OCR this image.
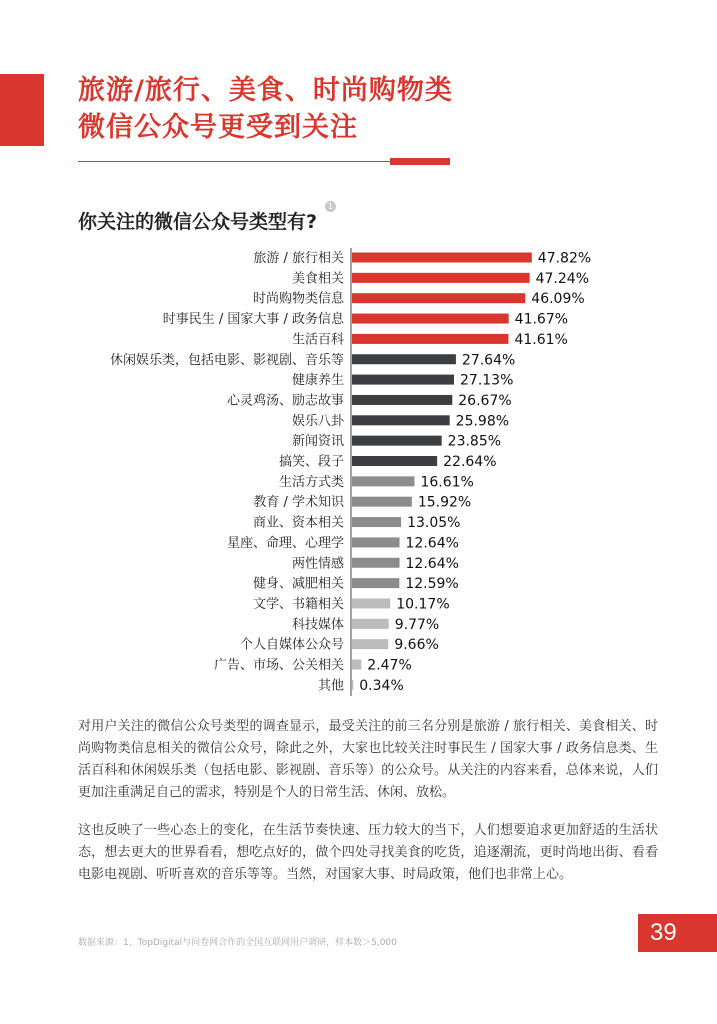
旅游/旅行、美食、时尚购物类
微信公众号更受到关注
你关注的微信公众号类型有?
1
旅游 / 旅行相关	47.82%
美食相关	47.24%
时尚购物类信息	46.09%
时事民生 / 国家大事 / 政务信息	41.67%
生活百科	41.61%
休闲娱乐类，包括电影、影视剧、音乐等	27.64%
健康养生	27.13%
心灵鸡汤、励志故事	26.67%
娱乐八卦	25.98%
新闻资讯	23.85%
搞笑、段子	22.64%
生活方式类	16.61%
教育 / 学术知识	15.92%
商业、资本相关	13.05%
星座、命理、心理学	12.64%
两性情感	12.64%
健身、减肥相关	12.59%
文学、书籍相关	10.17%
科技媒体	9.77%
个人自媒体公众号	9.66%
广告、市场、公关相关 2.47%
其他 0.34%

对用户关注的微信公众号类型的调查显示，最受关注的前三名分别是旅游 / 旅行相关、美食相关、时尚购物类信息相关的微信公众号，除此之外，大家也比较关注时事民生 / 国家大事 / 政务信息类、生活百科和休闲娱乐类（包括电影、影视剧、音乐等）的公众号。从关注的内容来看，总体来说，人们更加注重满足自己的需求，特别是个人的日常生活、休闲、放松。

这也反映了一些心态上的变化，在生活节奏快速、压力较大的当下，人们想要追求更加舒适的生活状态，想去更大的世界看看，想吃点好的，做个四处寻找美食的吃货，追逐潮流，更时尚地出街、看看电影电视剧、听听喜欢的音乐等等。当然，对国家大事、时局政策，他们也非常上心。

数据来源：1、TopDigital与问卷网合作的全国互联网用户调研，样本数＞5,000	39
